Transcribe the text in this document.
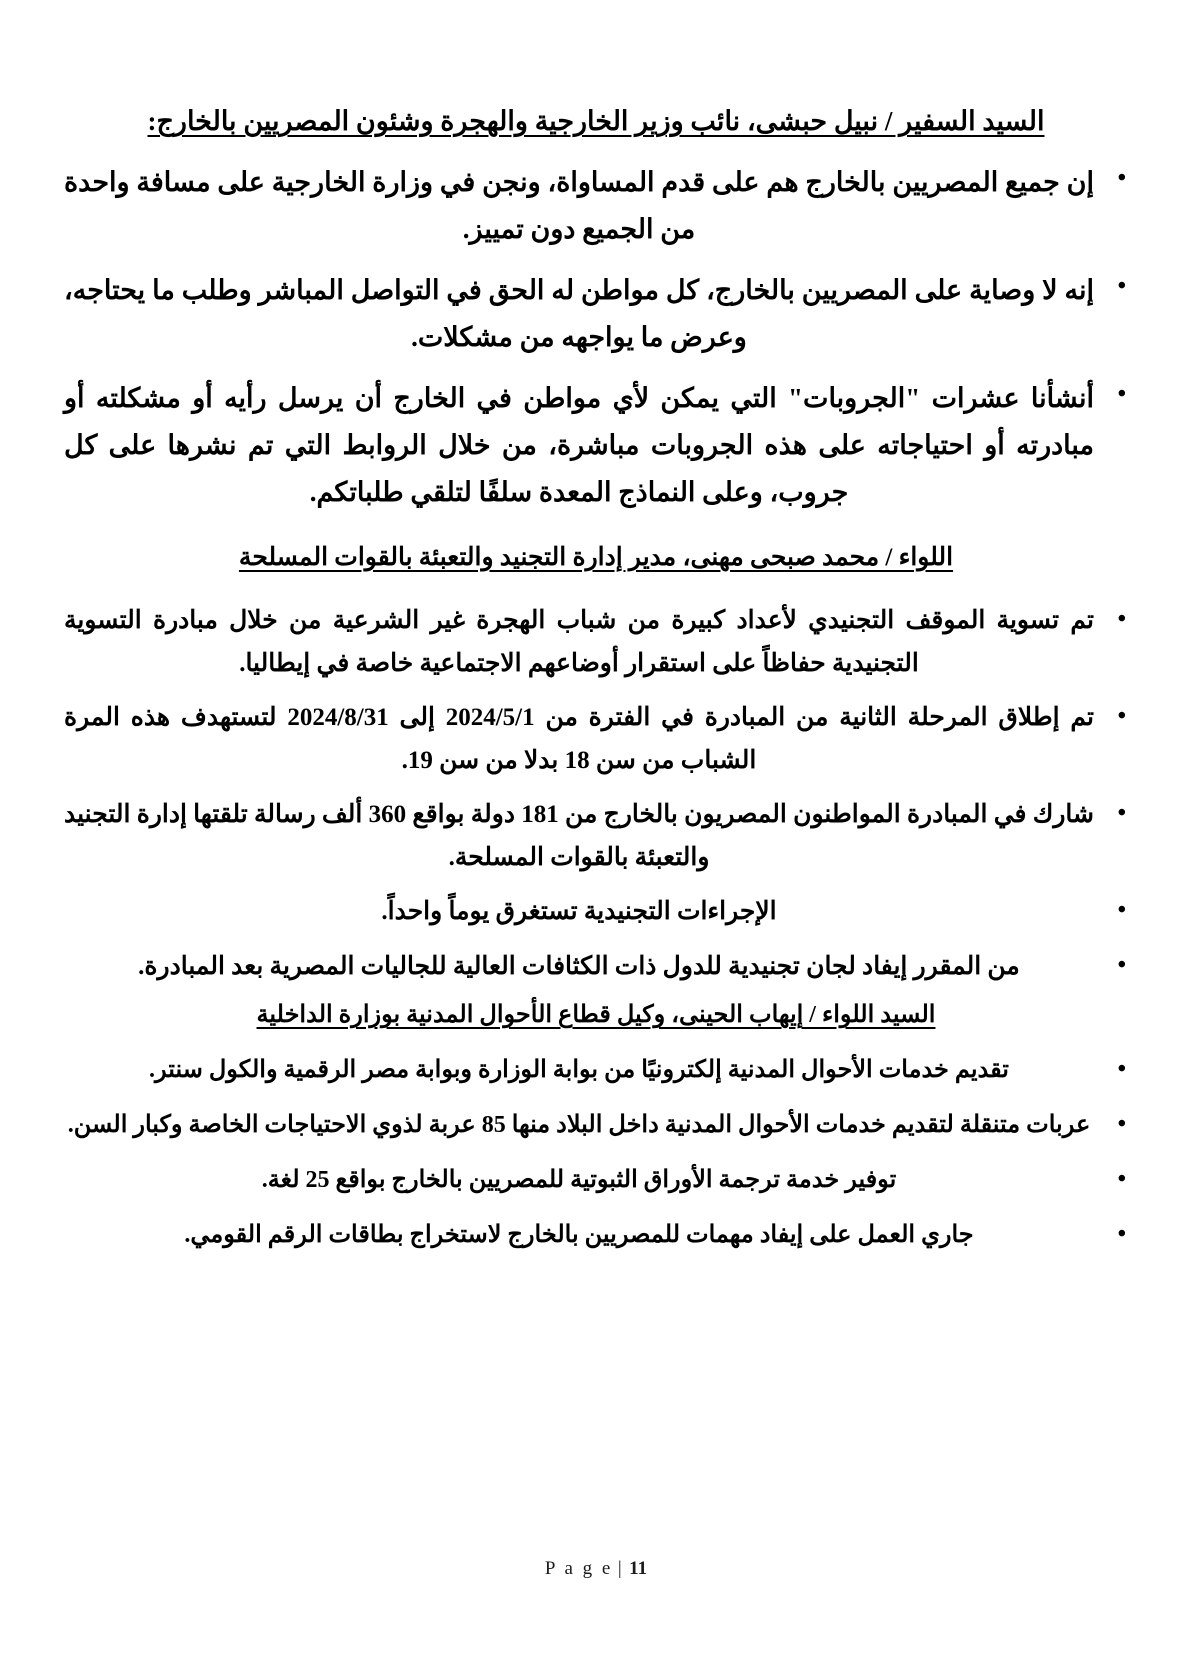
السيد السفير / نبيل حبشى، نائب وزير الخارجية والهجرة وشئون المصريين بالخارج:
• إن جميع المصريين بالخارج هم على قدم المساواة، ونجن في وزارة الخارجية على مسافة واحدة من الجميع دون تمييز.
• إنه لا وصاية على المصريين بالخارج، كل مواطن له الحق في التواصل المباشر وطلب ما يحتاجه، وعرض ما يواجهه من مشكلات.
• أنشأنا عشرات "الجروبات" التي يمكن لأي مواطن في الخارج أن يرسل رأيه أو مشكلته أو مبادرته أو احتياجاته على هذه الجروبات مباشرة، من خلال الروابط التي تم نشرها على كل جروب، وعلى النماذج المعدة سلفًا لتلقي طلباتكم.
اللواء / محمد صبحى مهنى، مدير إدارة التجنيد والتعبئة بالقوات المسلحة
• تم تسوية الموقف التجنيدي لأعداد كبيرة من شباب الهجرة غير الشرعية من خلال مبادرة التسوية التجنيدية حفاظاً على استقرار أوضاعهم الاجتماعية خاصة في إيطاليا.
• تم إطلاق المرحلة الثانية من المبادرة في الفترة من 2024/5/1 إلى 2024/8/31 لتستهدف هذه المرة الشباب من سن 18 بدلا من سن 19.
• شارك في المبادرة المواطنون المصريون بالخارج من 181 دولة بواقع 360 ألف رسالة تلقتها إدارة التجنيد والتعبئة بالقوات المسلحة.
• الإجراءات التجنيدية تستغرق يوماً واحداً.
• من المقرر إيفاد لجان تجنيدية للدول ذات الكثافات العالية للجاليات المصرية بعد المبادرة.
السيد اللواء / إيهاب الحينى، وكيل قطاع الأحوال المدنية بوزارة الداخلية
• تقديم خدمات الأحوال المدنية إلكترونيًا من بوابة الوزارة وبوابة مصر الرقمية والكول سنتر.
• عربات متنقلة لتقديم خدمات الأحوال المدنية داخل البلاد منها 85 عربة لذوي الاحتياجات الخاصة وكبار السن.
• توفير خدمة ترجمة الأوراق الثبوتية للمصريين بالخارج بواقع 25 لغة.
• جاري العمل على إيفاد مهمات للمصريين بالخارج لاستخراج بطاقات الرقم القومي.
P a g e | 11
